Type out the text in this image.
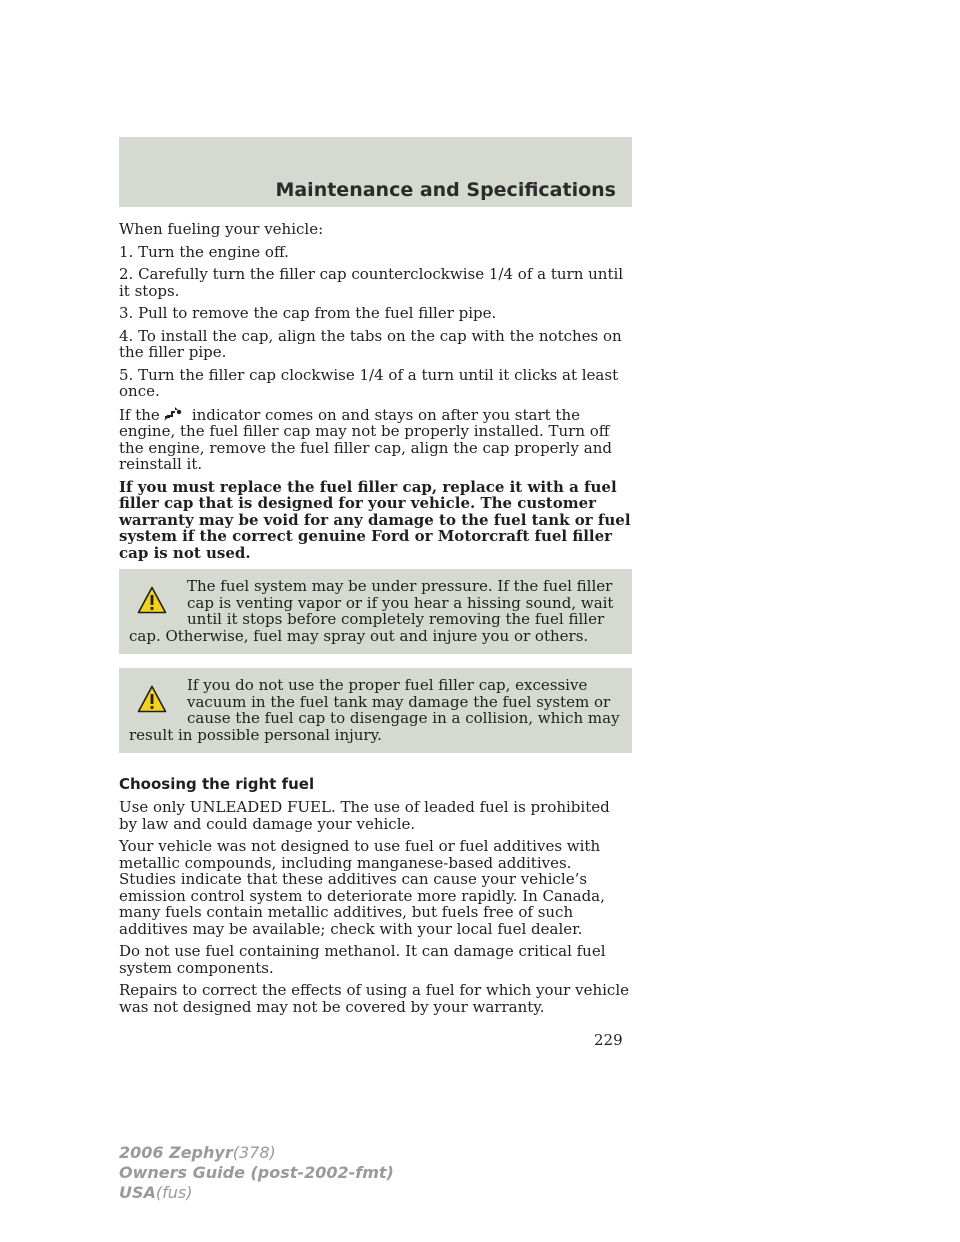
Maintenance and Specifications

When fueling your vehicle:

1. Turn the engine off.

2. Carefully turn the filler cap counterclockwise 1/4 of a turn until it stops.

3. Pull to remove the cap from the fuel filler pipe.

4. To install the cap, align the tabs on the cap with the notches on the filler pipe.

5. Turn the filler cap clockwise 1/4 of a turn until it clicks at least once.

If the indicator comes on and stays on after you start the engine, the fuel filler cap may not be properly installed. Turn off the engine, remove the fuel filler cap, align the cap properly and reinstall it.

If you must replace the fuel filler cap, replace it with a fuel filler cap that is designed for your vehicle. The customer warranty may be void for any damage to the fuel tank or fuel system if the correct genuine Ford or Motorcraft fuel filler cap is not used.

The fuel system may be under pressure. If the fuel filler cap is venting vapor or if you hear a hissing sound, wait until it stops before completely removing the fuel filler cap. Otherwise, fuel may spray out and injure you or others.
If you do not use the proper fuel filler cap, excessive vacuum in the fuel tank may damage the fuel system or cause the fuel cap to disengage in a collision, which may result in possible personal injury.
Choosing the right fuel

Use only UNLEADED FUEL. The use of leaded fuel is prohibited by law and could damage your vehicle.

Your vehicle was not designed to use fuel or fuel additives with metallic compounds, including manganese-based additives. Studies indicate that these additives can cause your vehicle’s emission control system to deteriorate more rapidly. In Canada, many fuels contain metallic additives, but fuels free of such additives may be available; check with your local fuel dealer.

Do not use fuel containing methanol. It can damage critical fuel system components.

Repairs to correct the effects of using a fuel for which your vehicle was not designed may not be covered by your warranty.

229
2006 Zephyr(378)
Owners Guide (post-2002-fmt)
USA(fus)
